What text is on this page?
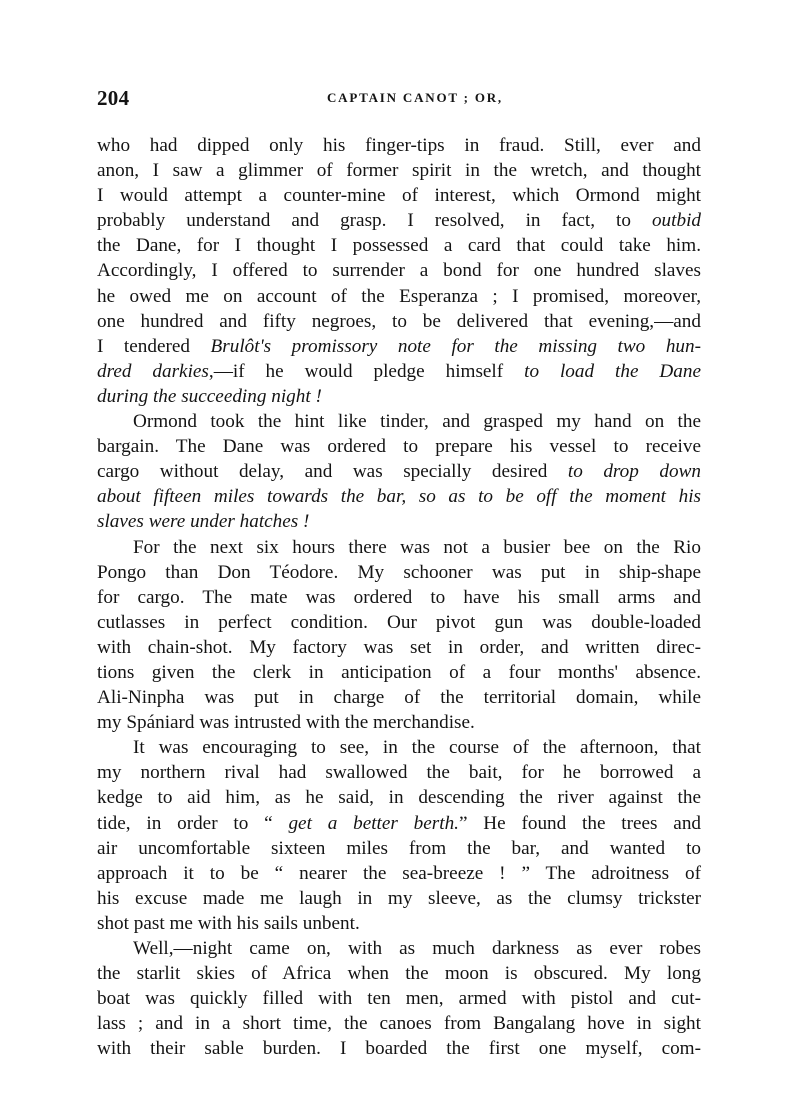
204	CAPTAIN CANOT ; OR,
who had dipped only his finger-tips in fraud. Still, ever and
anon, I saw a glimmer of former spirit in the wretch, and thought
I would attempt a counter-mine of interest, which Ormond might
probably understand and grasp. I resolved, in fact, to outbid
the Dane, for I thought I possessed a card that could take him.
Accordingly, I offered to surrender a bond for one hundred slaves
he owed me on account of the Esperanza ; I promised, moreover,
one hundred and fifty negroes, to be delivered that evening,—and
I tendered Brulôt's promissory note for the missing two hun-
dred darkies,—if he would pledge himself to load the Dane
during the succeeding night !
Ormond took the hint like tinder, and grasped my hand on the
bargain. The Dane was ordered to prepare his vessel to receive
cargo without delay, and was specially desired to drop down
about fifteen miles towards the bar, so as to be off the moment his
slaves were under hatches !
For the next six hours there was not a busier bee on the Rio
Pongo than Don Téodore. My schooner was put in ship-shape
for cargo. The mate was ordered to have his small arms and
cutlasses in perfect condition. Our pivot gun was double-loaded
with chain-shot. My factory was set in order, and written direc-
tions given the clerk in anticipation of a four months' absence.
Ali-Ninpha was put in charge of the territorial domain, while
my Spániard was intrusted with the merchandise.
It was encouraging to see, in the course of the afternoon, that
my northern rival had swallowed the bait, for he borrowed a
kedge to aid him, as he said, in descending the river against the
tide, in order to “ get a better berth.” He found the trees and
air uncomfortable sixteen miles from the bar, and wanted to
approach it to be “ nearer the sea-breeze ! ” The adroitness of
his excuse made me laugh in my sleeve, as the clumsy trickster
shot past me with his sails unbent.
Well,—night came on, with as much darkness as ever robes
the starlit skies of Africa when the moon is obscured. My long
boat was quickly filled with ten men, armed with pistol and cut-
lass ; and in a short time, the canoes from Bangalang hove in sight
with their sable burden. I boarded the first one myself, com-
